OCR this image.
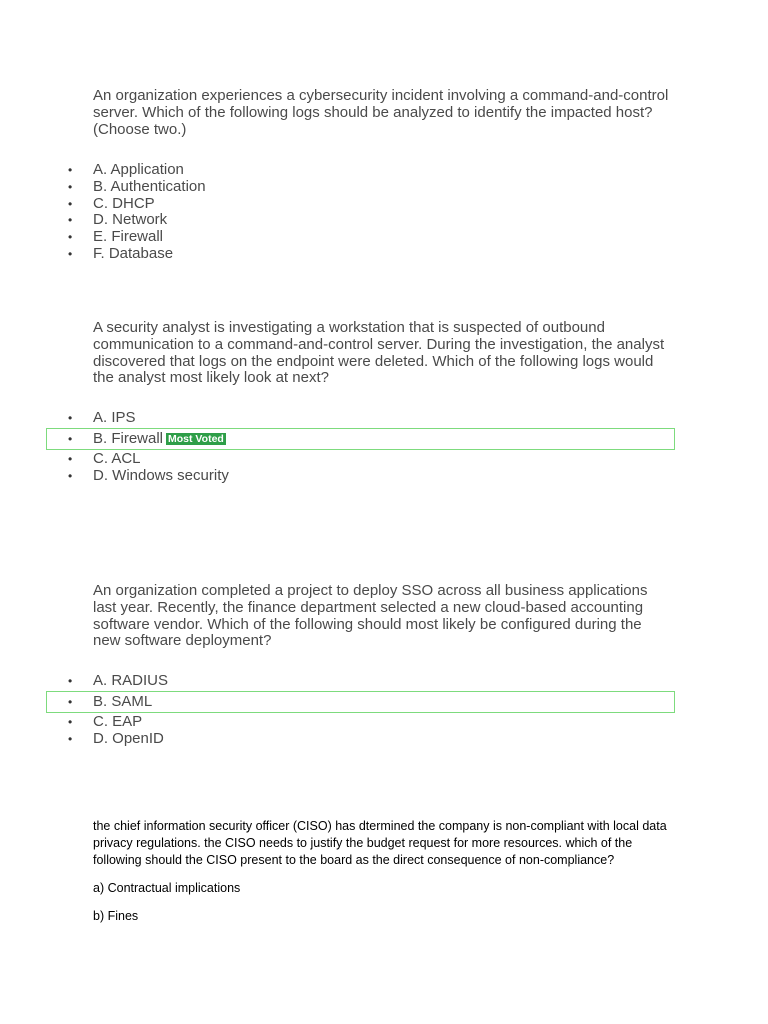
An organization experiences a cybersecurity incident involving a command-and-control server. Which of the following logs should be analyzed to identify the impacted host? (Choose two.)

• A. Application
• B. Authentication
• C. DHCP
• D. Network
• E. Firewall
• F. Database

A security analyst is investigating a workstation that is suspected of outbound communication to a command-and-control server. During the investigation, the analyst discovered that logs on the endpoint were deleted. Which of the following logs would the analyst most likely look at next?

• A. IPS
• B. Firewall Most Voted
• C. ACL
• D. Windows security

An organization completed a project to deploy SSO across all business applications last year. Recently, the finance department selected a new cloud-based accounting software vendor. Which of the following should most likely be configured during the new software deployment?

• A. RADIUS
• B. SAML
• C. EAP
• D. OpenID

the chief information security officer (CISO) has dtermined the company is non-compliant with local data privacy regulations. the CISO needs to justify the budget request for more resources. which of the following should the CISO present to the board as the direct consequence of non-compliance?

a) Contractual implications

b) Fines
